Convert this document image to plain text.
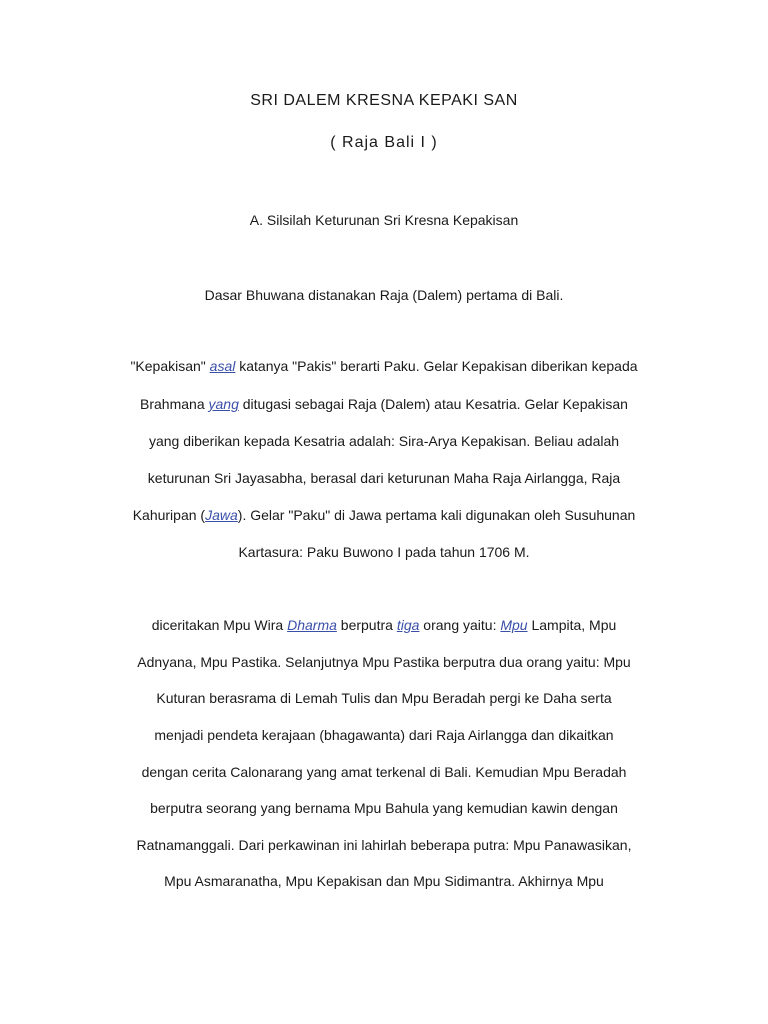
SRI DALEM KRESNA KEPAKI SAN
( Raja Bali I )
A. Silsilah Keturunan Sri Kresna Kepakisan
Dasar Bhuwana distanakan Raja (Dalem) pertama di Bali.
"Kepakisan" asal katanya "Pakis" berarti Paku. Gelar Kepakisan diberikan kepada
Brahmana yang ditugasi sebagai Raja (Dalem) atau Kesatria. Gelar Kepakisan
yang diberikan kepada Kesatria adalah: Sira-Arya Kepakisan. Beliau adalah
keturunan Sri Jayasabha, berasal dari keturunan Maha Raja Airlangga, Raja
Kahuripan (Jawa). Gelar "Paku" di Jawa pertama kali digunakan oleh Susuhunan
Kartasura: Paku Buwono I pada tahun 1706 M.
diceritakan Mpu Wira Dharma berputra tiga orang yaitu: Mpu Lampita, Mpu
Adnyana, Mpu Pastika. Selanjutnya Mpu Pastika berputra dua orang yaitu: Mpu
Kuturan berasrama di Lemah Tulis dan Mpu Beradah pergi ke Daha serta
menjadi pendeta kerajaan (bhagawanta) dari Raja Airlangga dan dikaitkan
dengan cerita Calonarang yang amat terkenal di Bali. Kemudian Mpu Beradah
berputra seorang yang bernama Mpu Bahula yang kemudian kawin dengan
Ratnamanggali. Dari perkawinan ini lahirlah beberapa putra: Mpu Panawasikan,
Mpu Asmaranatha, Mpu Kepakisan dan Mpu Sidimantra. Akhirnya Mpu
